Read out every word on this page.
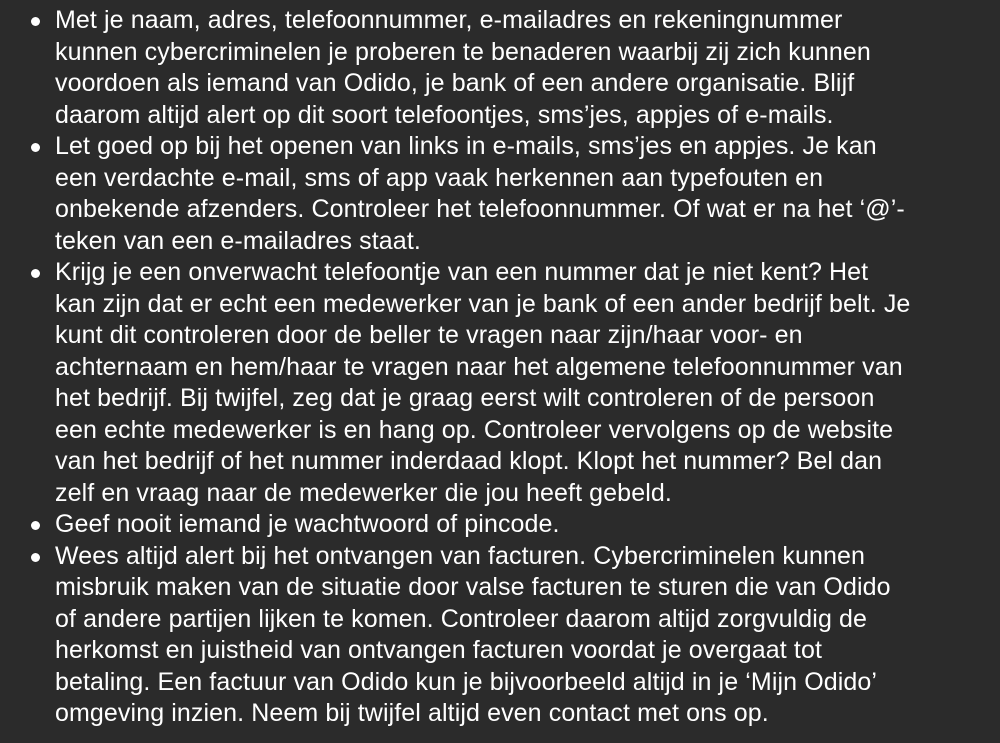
Met je naam, adres, telefoonnummer, e-mailadres en rekeningnummer
kunnen cybercriminelen je proberen te benaderen waarbij zij zich kunnen
voordoen als iemand van Odido, je bank of een andere organisatie. Blijf
daarom altijd alert op dit soort telefoontjes, sms’jes, appjes of e-mails.
Let goed op bij het openen van links in e-mails, sms’jes en appjes. Je kan
een verdachte e-mail, sms of app vaak herkennen aan typefouten en
onbekende afzenders. Controleer het telefoonnummer. Of wat er na het ‘@’-
teken van een e-mailadres staat.
Krijg je een onverwacht telefoontje van een nummer dat je niet kent? Het
kan zijn dat er echt een medewerker van je bank of een ander bedrijf belt. Je
kunt dit controleren door de beller te vragen naar zijn/haar voor- en
achternaam en hem/haar te vragen naar het algemene telefoonnummer van
het bedrijf. Bij twijfel, zeg dat je graag eerst wilt controleren of de persoon
een echte medewerker is en hang op. Controleer vervolgens op de website
van het bedrijf of het nummer inderdaad klopt. Klopt het nummer? Bel dan
zelf en vraag naar de medewerker die jou heeft gebeld.
Geef nooit iemand je wachtwoord of pincode.
Wees altijd alert bij het ontvangen van facturen. Cybercriminelen kunnen
misbruik maken van de situatie door valse facturen te sturen die van Odido
of andere partijen lijken te komen. Controleer daarom altijd zorgvuldig de
herkomst en juistheid van ontvangen facturen voordat je overgaat tot
betaling. Een factuur van Odido kun je bijvoorbeeld altijd in je ‘Mijn Odido’
omgeving inzien. Neem bij twijfel altijd even contact met ons op.
